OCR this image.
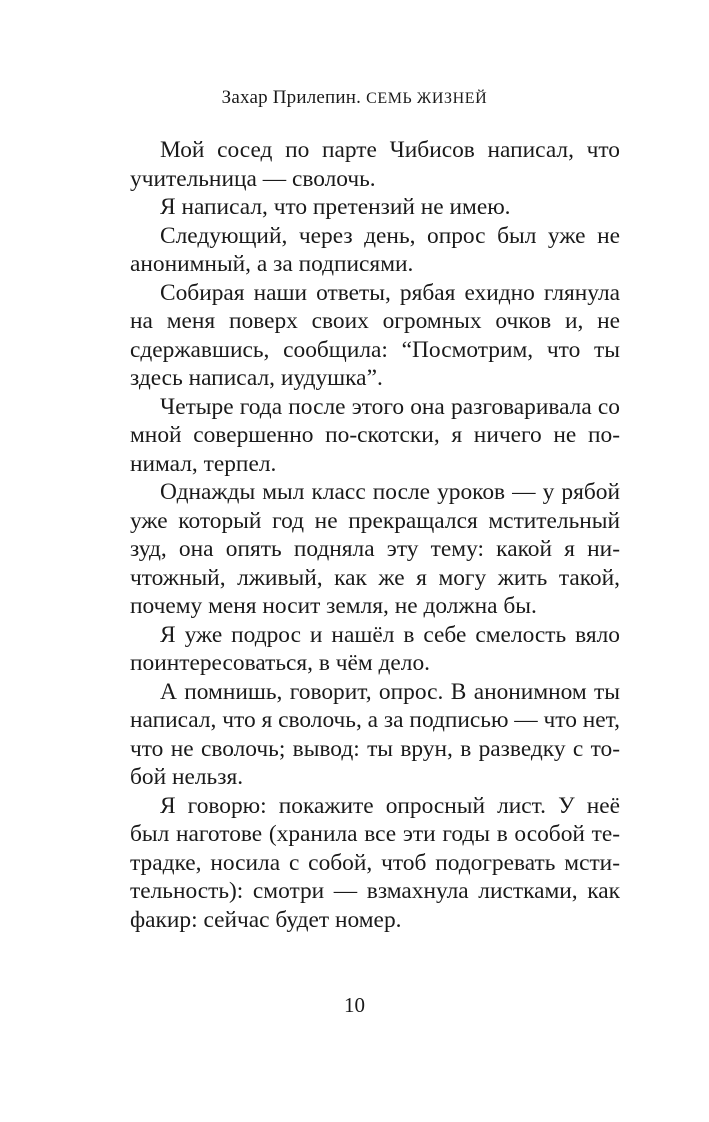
Захар Прилепин. СЕМЬ ЖИЗНЕЙ

Мой сосед по парте Чибисов написал, что учительница — сволочь.

Я написал, что претензий не имею.

Следующий, через день, опрос был уже не анонимный, а за подписями.

Собирая наши ответы, рябая ехидно глянула на меня поверх своих огромных очков и, не сдержавшись, сообщила: “Посмотрим, что ты здесь написал, иудушка”.

Четыре года после этого она разговаривала со мной совершенно по-скотски, я ничего не понимал, терпел.

Однажды мыл класс после уроков — у рябой уже который год не прекращался мстительный зуд, она опять подняла эту тему: какой я ничтожный, лживый, как же я могу жить такой, почему меня носит земля, не должна бы.

Я уже подрос и нашёл в себе смелость вяло поинтересоваться, в чём дело.

А помнишь, говорит, опрос. В анонимном ты написал, что я сволочь, а за подписью — что нет, что не сволочь; вывод: ты врун, в разведку с тобой нельзя.

Я говорю: покажите опросный лист. У неё был наготове (хранила все эти годы в особой тетрадке, носила с собой, чтоб подогревать мстительность): смотри — взмахнула листками, как факир: сейчас будет номер.

10
